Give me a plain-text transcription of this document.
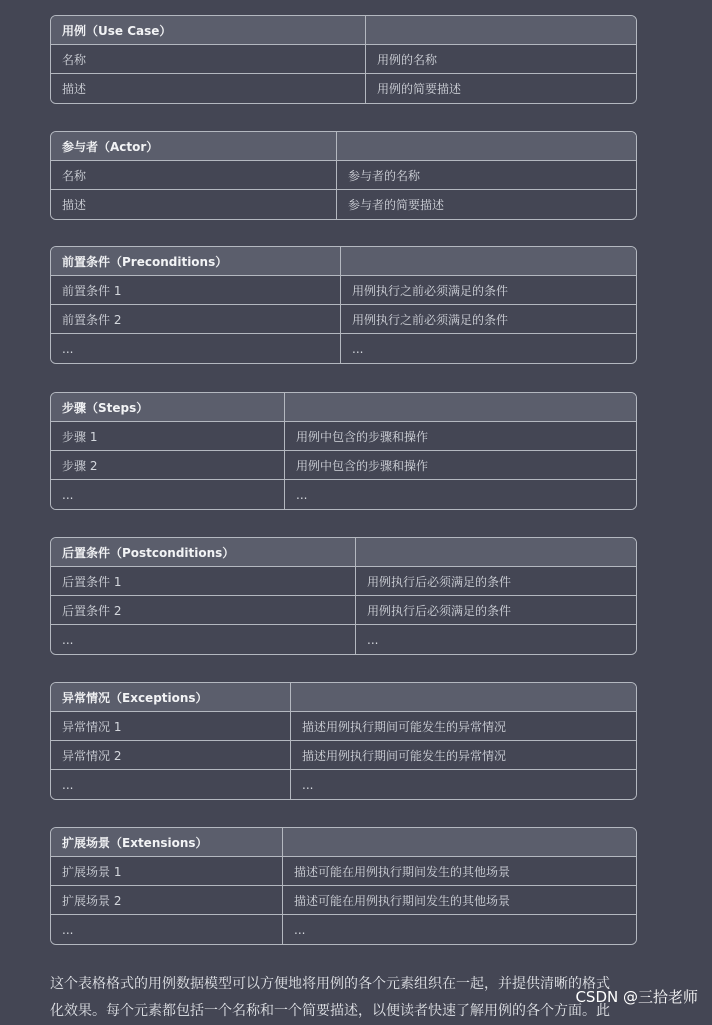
用例（Use Case）	
名称	用例的名称
描述	用例的简要描述
参与者（Actor）	
名称	参与者的名称
描述	参与者的简要描述
前置条件（Preconditions）	
前置条件 1	用例执行之前必须满足的条件
前置条件 2	用例执行之前必须满足的条件
...	...
步骤（Steps）	
步骤 1	用例中包含的步骤和操作
步骤 2	用例中包含的步骤和操作
...	...
后置条件（Postconditions）	
后置条件 1	用例执行后必须满足的条件
后置条件 2	用例执行后必须满足的条件
...	...
异常情况（Exceptions）	
异常情况 1	描述用例执行期间可能发生的异常情况
异常情况 2	描述用例执行期间可能发生的异常情况
...	...
扩展场景（Extensions）	
扩展场景 1	描述可能在用例执行期间发生的其他场景
扩展场景 2	描述可能在用例执行期间发生的其他场景
...	...

这个表格格式的用例数据模型可以方便地将用例的各个元素组织在一起，并提供清晰的格式
化效果。每个元素都包括一个名称和一个简要描述，以便读者快速了解用例的各个方面。此

CSDN @三拾老师
